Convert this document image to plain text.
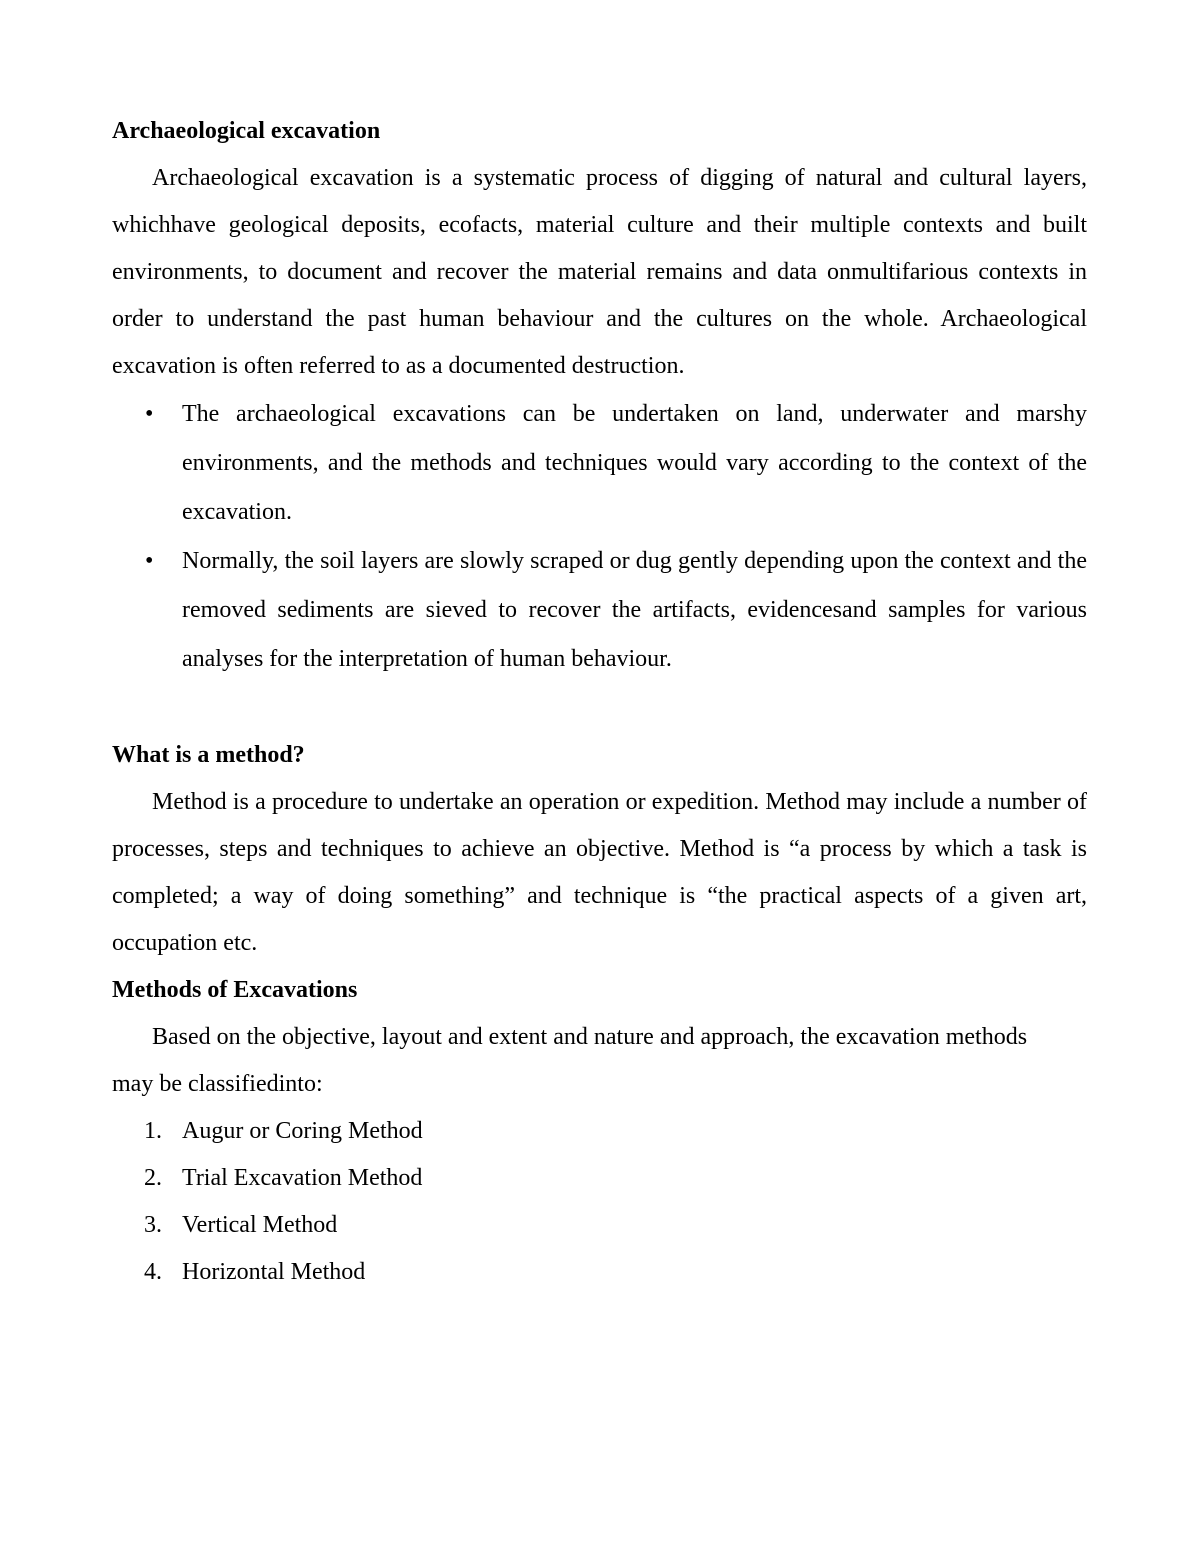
Archaeological excavation

Archaeological excavation is a systematic process of digging of natural and cultural layers, whichhave geological deposits, ecofacts, material culture and their multiple contexts and built environments, to document and recover the material remains and data onmultifarious contexts in order to understand the past human behaviour and the cultures on the whole. Archaeological excavation is often referred to as a documented destruction.

• The archaeological excavations can be undertaken on land, underwater and marshy environments, and the methods and techniques would vary according to the context of the excavation.
• Normally, the soil layers are slowly scraped or dug gently depending upon the context and the removed sediments are sieved to recover the artifacts, evidencesand samples for various analyses for the interpretation of human behaviour.

What is a method?

Method is a procedure to undertake an operation or expedition. Method may include a number of processes, steps and techniques to achieve an objective. Method is “a process by which a task is completed; a way of doing something” and technique is “the practical aspects of a given art, occupation etc.

Methods of Excavations

Based on the objective, layout and extent and nature and approach, the excavation methods

may be classifiedinto:

1. Augur or Coring Method
2. Trial Excavation Method
3. Vertical Method
4. Horizontal Method
